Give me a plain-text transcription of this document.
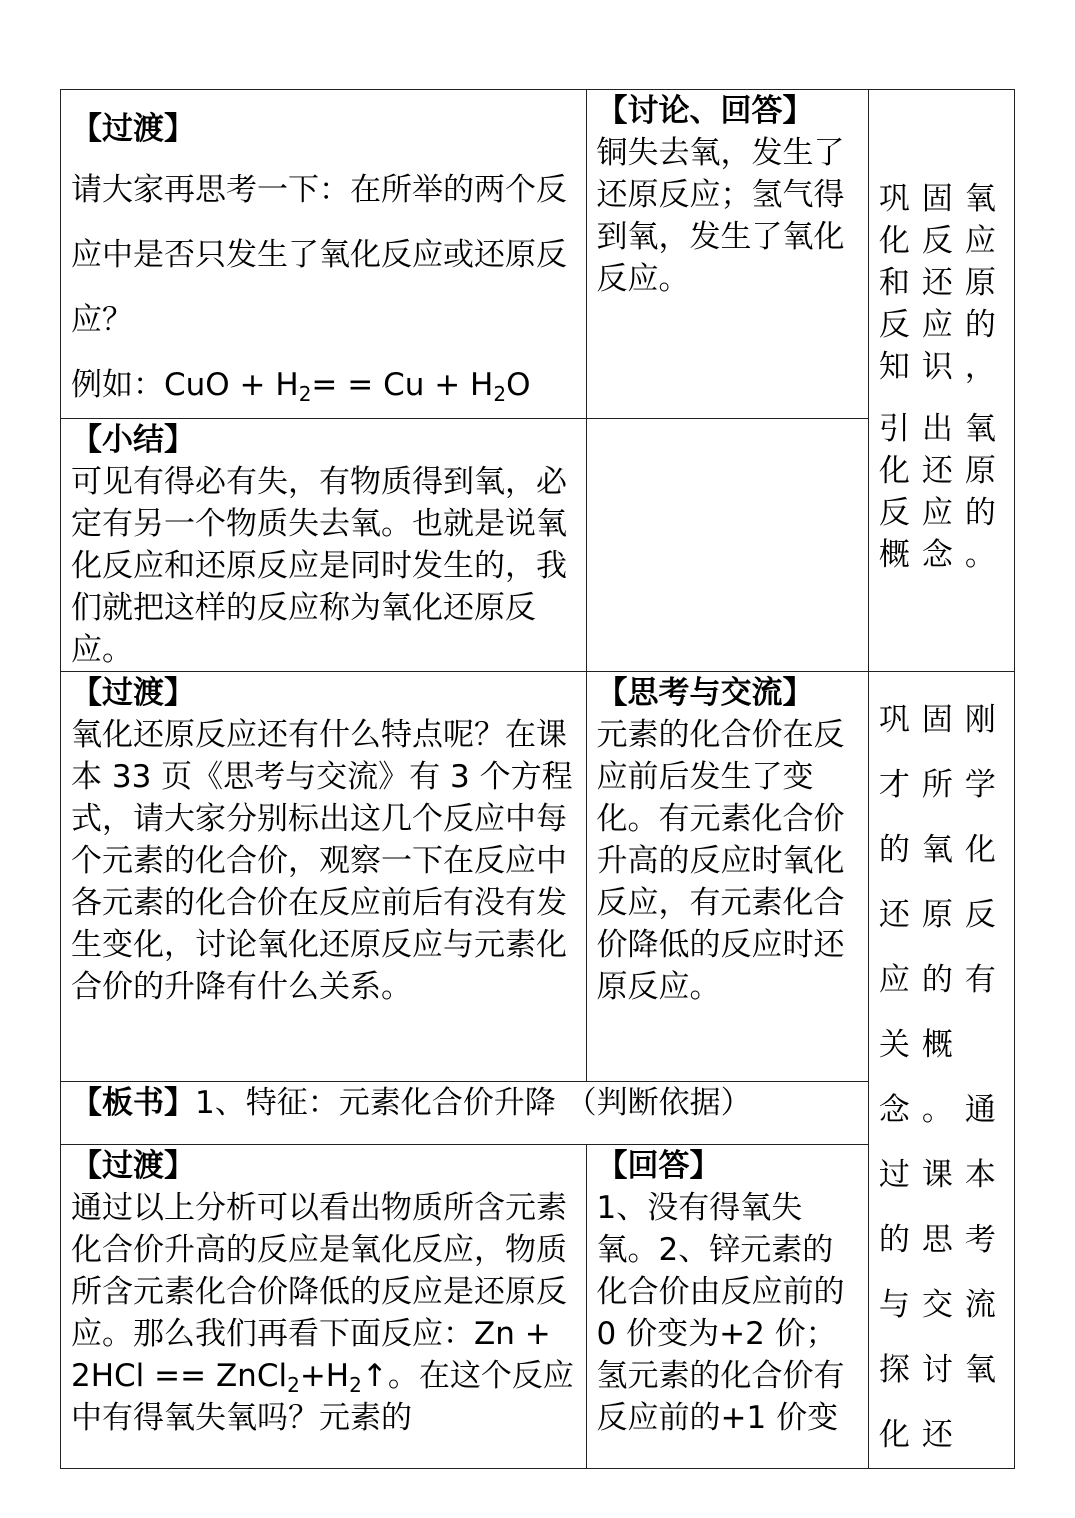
【过渡】
请大家再思考一下：在所举的两个反应中是否只发生了氧化反应或还原反应？
例如：CuO + $H_2= = Cu + H_2O$	【讨论、回答】
铜失去氧，发生了还原反应；氢气得到氧，发生了氧化反应。	巩固氧化反应和还原反应的知识，
引出氧化还原反应的概念。

【小结】
可见有得必有失，有物质得到氧，必定有另一个物质失去氧。也就是说氧化反应和还原反应是同时发生的，我们就把这样的反应称为氧化还原反应。		

【过渡】
氧化还原反应还有什么特点呢？在课本 33 页《思考与交流》有 3 个方程式，请大家分别标出这几个反应中每个元素的化合价，观察一下在反应中各元素的化合价在反应前后有没有发生变化，讨论氧化还原反应与元素化合价的升降有什么关系。	【思考与交流】
元素的化合价在反应前后发生了变化。有元素化合价升高的反应时氧化反应，有元素化合价降低的反应时还原反应。	巩固刚才所学的氧化还原反应的有关概念。通过课本的思考与交流探讨氧化还

【板书】1、特征：元素化合价升降 （判断依据）		

【过渡】
通过以上分析可以看出物质所含元素化合价升高的反应是氧化反应，物质所含元素化合价降低的反应是还原反应。那么我们再看下面反应：$Zn + 2HCl == ZnCl_2+H_2↑$。在这个反应中有得氧失氧吗？元素的	【回答】
1、没有得氧失氧。2、锌元素的化合价由反应前的 0 价变为+2 价；氢元素的化合价有反应前的+1 价变	
